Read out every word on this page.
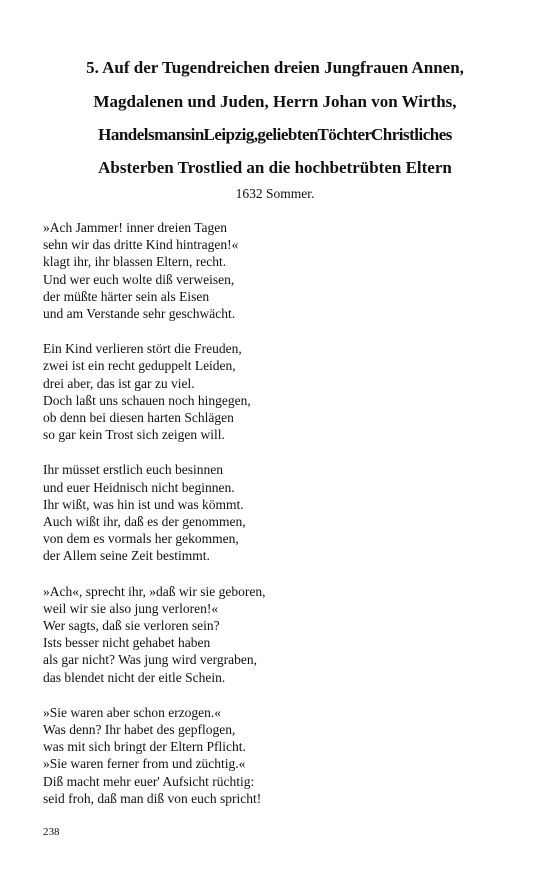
5. Auf der Tugendreichen dreien Jungfrauen Annen,
Magdalenen und Juden, Herrn Johan von Wirths,
Handelsmans in Leipzig, geliebten Töchter Christliches
Absterben Trostlied an die hochbetrübten Eltern
1632 Sommer.
»Ach Jammer! inner dreien Tagen
sehn wir das dritte Kind hintragen!«
klagt ihr, ihr blassen Eltern, recht.
Und wer euch wolte diß verweisen,
der müßte härter sein als Eisen
und am Verstande sehr geschwächt.
Ein Kind verlieren stört die Freuden,
zwei ist ein recht geduppelt Leiden,
drei aber, das ist gar zu viel.
Doch laßt uns schauen noch hingegen,
ob denn bei diesen harten Schlägen
so gar kein Trost sich zeigen will.
Ihr müsset erstlich euch besinnen
und euer Heidnisch nicht beginnen.
Ihr wißt, was hin ist und was kömmt.
Auch wißt ihr, daß es der genommen,
von dem es vormals her gekommen,
der Allem seine Zeit bestimmt.
»Ach«, sprecht ihr, »daß wir sie geboren,
weil wir sie also jung verloren!«
Wer sagts, daß sie verloren sein?
Ists besser nicht gehabet haben
als gar nicht? Was jung wird vergraben,
das blendet nicht der eitle Schein.
»Sie waren aber schon erzogen.«
Was denn? Ihr habet des gepflogen,
was mit sich bringt der Eltern Pflicht.
»Sie waren ferner from und züchtig.«
Diß macht mehr euer' Aufsicht rüchtig:
seid froh, daß man diß von euch spricht!
238
